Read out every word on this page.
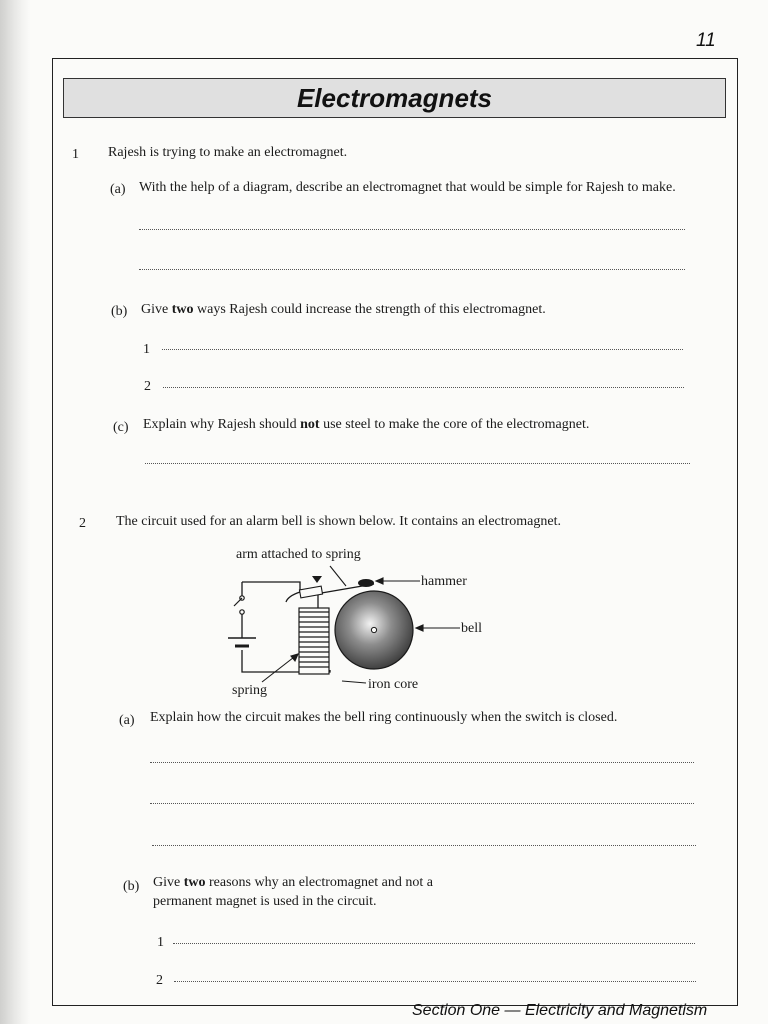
11
Electromagnets
1 Rajesh is trying to make an electromagnet.
(a) With the help of a diagram, describe an electromagnet that would be simple for Rajesh to make.
(b) Give two ways Rajesh could increase the strength of this electromagnet.
1
2
(c) Explain why Rajesh should not use steel to make the core of the electromagnet.
2 The circuit used for an alarm bell is shown below. It contains an electromagnet.
arm attached to spring
hammer
bell
spring	iron core
(a) Explain how the circuit makes the bell ring continuously when the switch is closed.
(b) Give two reasons why an electromagnet and not a
permanent magnet is used in the circuit.
1
2
Section One — Electricity and Magnetism
